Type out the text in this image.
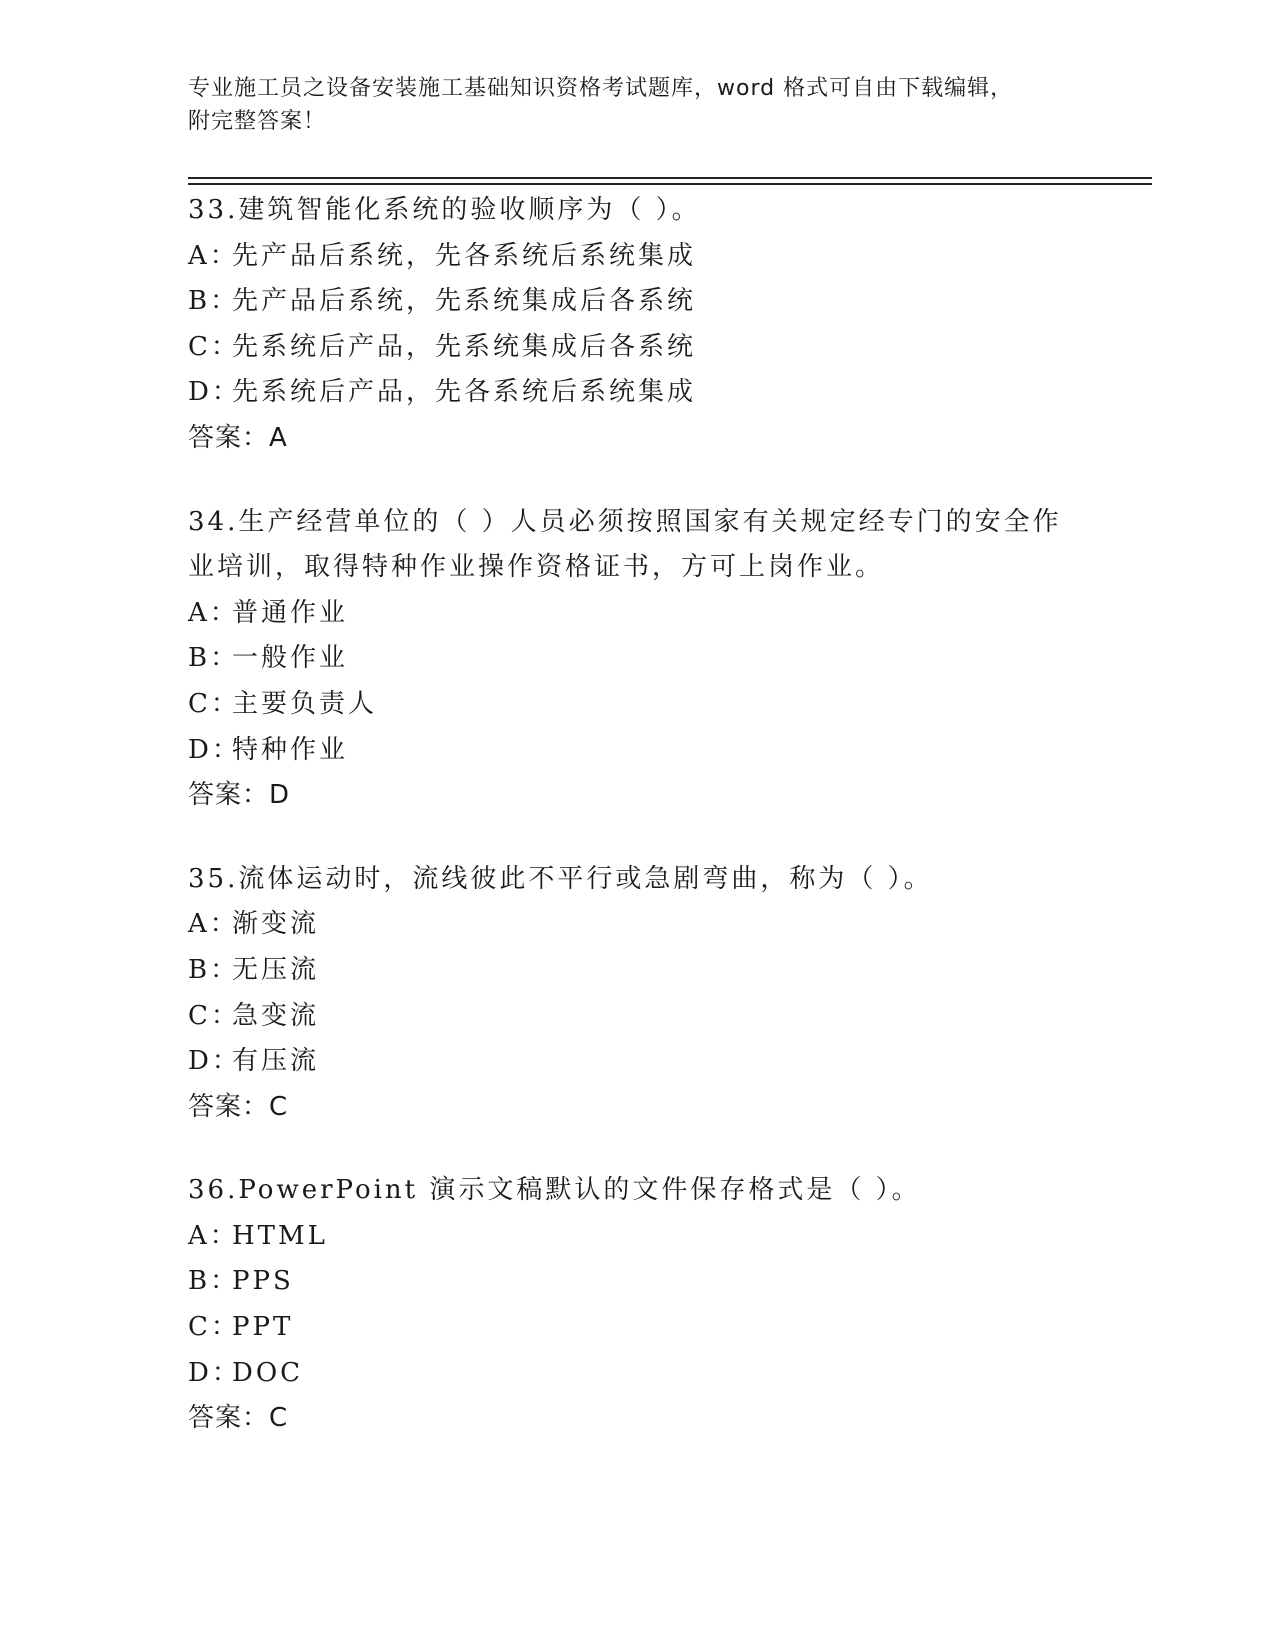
专业施工员之设备安装施工基础知识资格考试题库，word 格式可自由下载编辑，
附完整答案！
33.建筑智能化系统的验收顺序为（ ）。
A：先产品后系统，先各系统后系统集成
B：先产品后系统，先系统集成后各系统
C：先系统后产品，先系统集成后各系统
D：先系统后产品，先各系统后系统集成
答案：A
34.生产经营单位的（ ）人员必须按照国家有关规定经专门的安全作业培训，取得特种作业操作资格证书，方可上岗作业。
A：普通作业
B：一般作业
C：主要负责人
D：特种作业
答案：D
35.流体运动时，流线彼此不平行或急剧弯曲，称为（ ）。
A：渐变流
B：无压流
C：急变流
D：有压流
答案：C
36.PowerPoint 演示文稿默认的文件保存格式是（ ）。
A：HTML
B：PPS
C：PPT
D：DOC
答案：C
